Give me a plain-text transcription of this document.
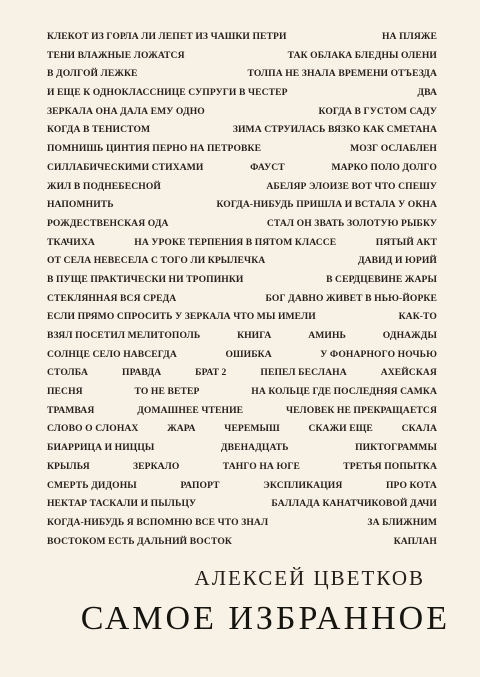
КЛЕКОТ ИЗ ГОРЛА ЛИ ЛЕПЕТ ИЗ ЧАШКИ ПЕТРИ	НА ПЛЯЖЕ
ТЕНИ ВЛАЖНЫЕ ЛОЖАТСЯ	ТАК ОБЛАКА БЛЕДНЫ ОЛЕНИ
В ДОЛГОЙ ЛЕЖКЕ	ТОЛПА НЕ ЗНАЛА ВРЕМЕНИ ОТЪЕЗДА
И ЕЩЕ К ОДНОКЛАССНИЦЕ СУПРУГИ В ЧЕСТЕР	ДВА
ЗЕРКАЛА ОНА ДАЛА ЕМУ ОДНО	КОГДА В ГУСТОМ САДУ
КОГДА В ТЕНИСТОМ	ЗИМА СТРУИЛАСЬ ВЯЗКО КАК СМЕТАНА
ПОМНИШЬ ЦИНТИЯ ПЕРНО НА ПЕТРОВКЕ	МОЗГ ОСЛАБЛЕН
СИЛЛАБИЧЕСКИМИ СТИХАМИ	ФАУСТ	МАРКО ПОЛО ДОЛГО
ЖИЛ В ПОДНЕБЕСНОЙ	АБЕЛЯР ЭЛОИЗЕ ВОТ ЧТО СПЕШУ
НАПОМНИТЬ	КОГДА-НИБУДЬ ПРИШЛА И ВСТАЛА У ОКНА
РОЖДЕСТВЕНСКАЯ ОДА	СТАЛ ОН ЗВАТЬ ЗОЛОТУЮ РЫБКУ
ТКАЧИХА	НА УРОКЕ ТЕРПЕНИЯ В ПЯТОМ КЛАССЕ	ПЯТЫЙ АКТ
ОТ СЕЛА НЕВЕСЕЛА С ТОГО ЛИ КРЫЛЕЧКА	ДАВИД И ЮРИЙ
В ПУЩЕ ПРАКТИЧЕСКИ НИ ТРОПИНКИ	В СЕРДЦЕВИНЕ ЖАРЫ
СТЕКЛЯННАЯ ВСЯ СРЕДА	БОГ ДАВНО ЖИВЕТ В НЬЮ-ЙОРКЕ
ЕСЛИ ПРЯМО СПРОСИТЬ У ЗЕРКАЛА ЧТО МЫ ИМЕЛИ	КАК-ТО
ВЗЯЛ ПОСЕТИЛ МЕЛИТОПОЛЬ	КНИГА	АМИНЬ	ОДНАЖДЫ
СОЛНЦЕ СЕЛО НАВСЕГДА	ОШИБКА	У ФОНАРНОГО НОЧЬЮ
СТОЛБА	ПРАВДА	БРАТ 2	ПЕПЕЛ БЕСЛАНА	АХЕЙСКАЯ
ПЕСНЯ	ТО НЕ ВЕТЕР	НА КОЛЬЦЕ ГДЕ ПОСЛЕДНЯЯ САМКА
ТРАМВАЯ	ДОМАШНЕЕ ЧТЕНИЕ	ЧЕЛОВЕК НЕ ПРЕКРАЩАЕТСЯ
СЛОВО О СЛОНАХ	ЖАРА	ЧЕРЕМЫШ	СКАЖИ ЕЩЕ	СКАЛА
БИАРРИЦА И НИЦЦЫ	ДВЕНАДЦАТЬ	ПИКТОГРАММЫ
КРЫЛЬЯ	ЗЕРКАЛО	ТАНГО НА ЮГЕ	ТРЕТЬЯ ПОПЫТКА
СМЕРТЬ ДИДОНЫ	РАПОРТ	ЭКСПЛИКАЦИЯ	ПРО КОТА
НЕКТАР ТАСКАЛИ И ПЫЛЬЦУ	БАЛЛАДА КАНАТЧИКОВОЙ ДАЧИ
КОГДА-НИБУДЬ Я ВСПОМНЮ ВСЕ ЧТО ЗНАЛ	ЗА БЛИЖНИМ
ВОСТОКОМ ЕСТЬ ДАЛЬНИЙ ВОСТОК	КАПЛАН
АЛЕКСЕЙ ЦВЕТКОВ
САМОЕ ИЗБРАННОЕ
